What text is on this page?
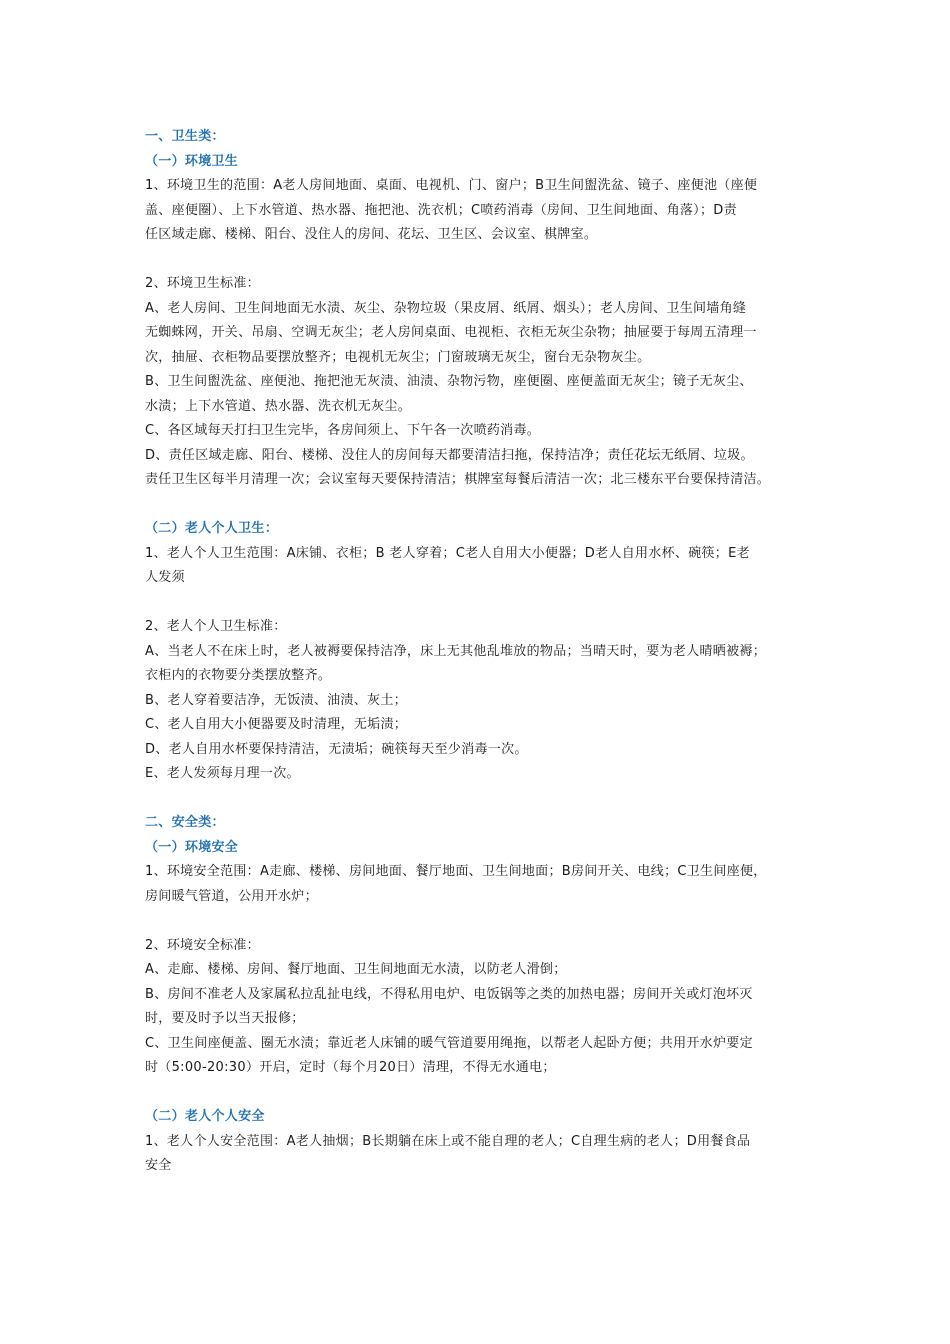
一、卫生类：
（一）环境卫生
1、环境卫生的范围：A老人房间地面、桌面、电视机、门、窗户；B卫生间盥洗盆、镜子、座便池（座便
盖、座便圈）、上下水管道、热水器、拖把池、洗衣机；C喷药消毒（房间、卫生间地面、角落）；D责
任区域走廊、楼梯、阳台、没住人的房间、花坛、卫生区、会议室、棋牌室。
2、环境卫生标准：
A、老人房间、卫生间地面无水渍、灰尘、杂物垃圾（果皮屑、纸屑、烟头）；老人房间、卫生间墙角缝
无蜘蛛网，开关、吊扇、空调无灰尘；老人房间桌面、电视柜、衣柜无灰尘杂物；抽屉要于每周五清理一
次，抽屉、衣柜物品要摆放整齐；电视机无灰尘；门窗玻璃无灰尘，窗台无杂物灰尘。
B、卫生间盥洗盆、座便池、拖把池无灰渍、油渍、杂物污物，座便圈、座便盖面无灰尘；镜子无灰尘、
水渍；上下水管道、热水器、洗衣机无灰尘。
C、各区域每天打扫卫生完毕，各房间须上、下午各一次喷药消毒。
D、责任区域走廊、阳台、楼梯、没住人的房间每天都要清洁扫拖，保持洁净；责任花坛无纸屑、垃圾。
责任卫生区每半月清理一次；会议室每天要保持清洁；棋牌室每餐后清洁一次；北三楼东平台要保持清洁。
（二）老人个人卫生：
1、老人个人卫生范围：A床铺、衣柜；B 老人穿着；C老人自用大小便器；D老人自用水杯、碗筷；E老
人发须
2、老人个人卫生标准：
A、当老人不在床上时，老人被褥要保持洁净，床上无其他乱堆放的物品；当晴天时，要为老人晴晒被褥；
衣柜内的衣物要分类摆放整齐。
B、老人穿着要洁净，无饭渍、油渍、灰土；
C、老人自用大小便器要及时清理，无垢渍；
D、老人自用水杯要保持清洁，无渍垢；碗筷每天至少消毒一次。
E、老人发须每月理一次。
二、安全类：
（一）环境安全
1、环境安全范围：A走廊、楼梯、房间地面、餐厅地面、卫生间地面；B房间开关、电线；C卫生间座便，
房间暖气管道，公用开水炉；
2、环境安全标准：
A、走廊、楼梯、房间、餐厅地面、卫生间地面无水渍，以防老人滑倒；
B、房间不准老人及家属私拉乱扯电线，不得私用电炉、电饭锅等之类的加热电器；房间开关或灯泡坏灭
时，要及时予以当天报修；
C、卫生间座便盖、圈无水渍；靠近老人床铺的暖气管道要用绳拖，以帮老人起卧方便；共用开水炉要定
时（5:00-20:30）开启，定时（每个月20日）清理，不得无水通电；
（二）老人个人安全
1、老人个人安全范围：A老人抽烟；B长期躺在床上或不能自理的老人；C自理生病的老人；D用餐食品
安全
